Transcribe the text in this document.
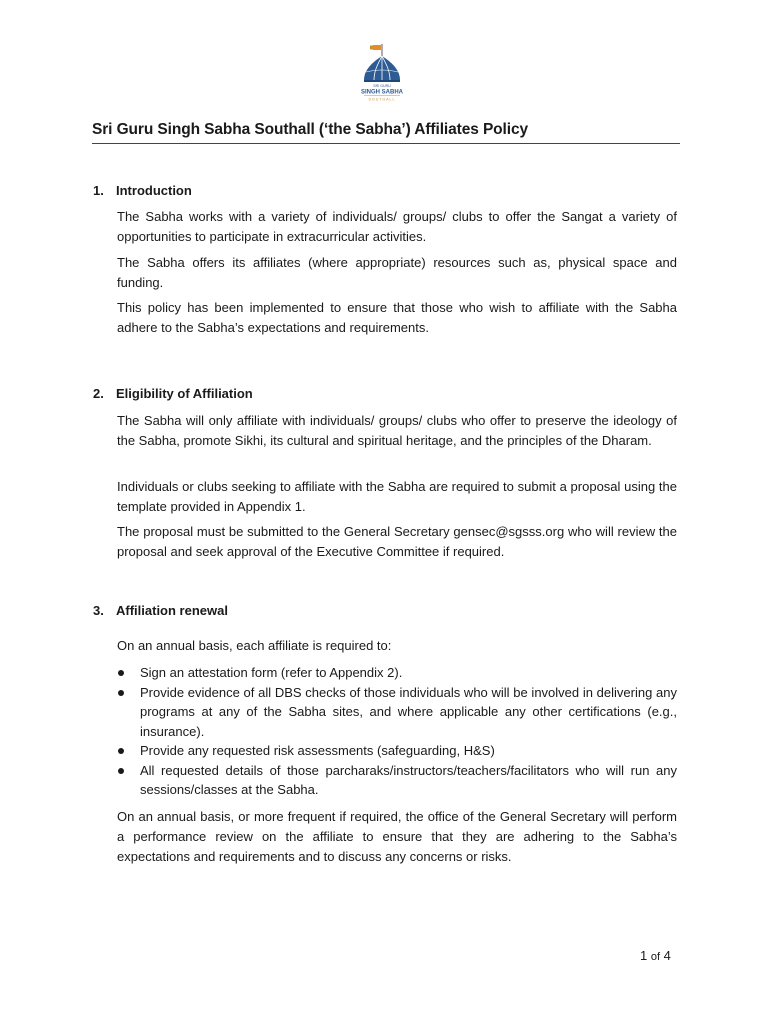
SRI GURU
SINGH SABHA
SOUTHALL
Sri Guru Singh Sabha Southall (‘the Sabha’) Affiliates Policy
1. Introduction

The Sabha works with a variety of individuals/ groups/ clubs to offer the Sangat a variety of opportunities to participate in extracurricular activities.

The Sabha offers its affiliates (where appropriate) resources such as, physical space and funding.

This policy has been implemented to ensure that those who wish to affiliate with the Sabha adhere to the Sabha’s expectations and requirements.

2. Eligibility of Affiliation

The Sabha will only affiliate with individuals/ groups/ clubs who offer to preserve the ideology of the Sabha, promote Sikhi, its cultural and spiritual heritage, and the principles of the Dharam.

Individuals or clubs seeking to affiliate with the Sabha are required to submit a proposal using the template provided in Appendix 1.

The proposal must be submitted to the General Secretary gensec@sgsss.org who will review the proposal and seek approval of the Executive Committee if required.

3. Affiliation renewal

On an annual basis, each affiliate is required to:

Sign an attestation form (refer to Appendix 2).
Provide evidence of all DBS checks of those individuals who will be involved in delivering any programs at any of the Sabha sites, and where applicable any other certifications (e.g., insurance).
Provide any requested risk assessments (safeguarding, H&S)
All requested details of those parcharaks/instructors/teachers/facilitators who will run any sessions/classes at the Sabha.

On an annual basis, or more frequent if required, the office of the General Secretary will perform a performance review on the affiliate to ensure that they are adhering to the Sabha’s expectations and requirements and to discuss any concerns or risks.

1 of 4
